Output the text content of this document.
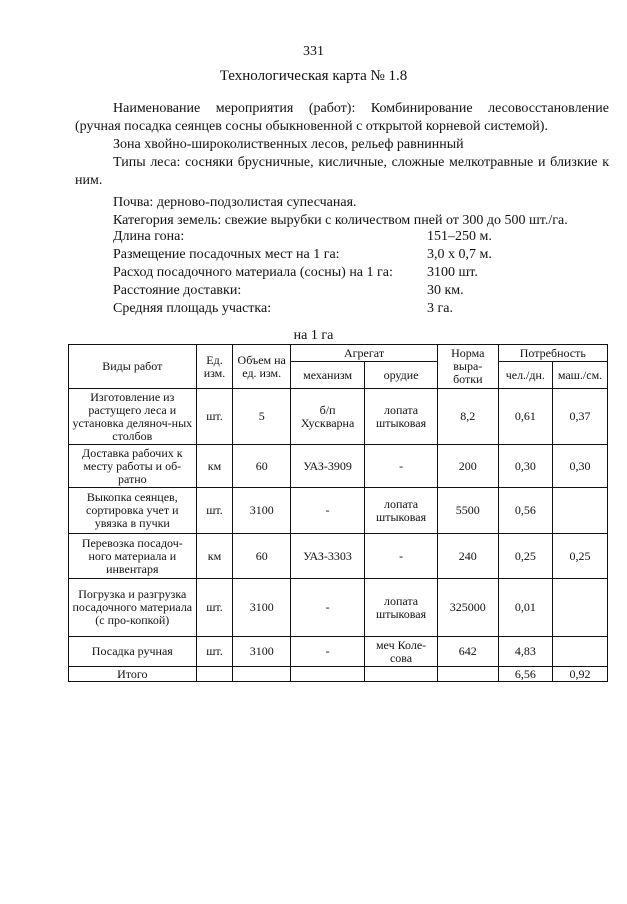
331
Технологическая карта № 1.8

Наименование мероприятия (работ): Комбинирование лесовосстановление (ручная посадка сеянцев сосны обыкновенной с открытой корневой системой).

Зона хвойно-широколиственных лесов, рельеф равнинный

Типы леса: сосняки брусничные, кисличные, сложные мелкотравные и близкие к ним.

Почва: дерново-подзолистая супесчаная.

Категория земель: свежие вырубки с количеством пней от 300 до 500 шт./га.

Длина гона:	151–250 м.
Размещение посадочных мест на 1 га:	3,0 х 0,7 м.
Расход посадочного материала (сосны) на 1 га:	3100 шт.
Расстояние доставки:	30 км.
Средняя площадь участка:	3 га.
на 1 га
Виды работ	Ед. изм.	Объем на ед. изм.	Агрегат		Норма выра-ботки	Потребность	
			механизм	орудие		чел./дн.	маш./см.
Изготовление из растущего леса и установка деляноч-ных столбов	шт.	5	б/п Хускварна	лопата штыковая	8,2	0,61	0,37
Доставка рабочих к месту работы и об-ратно	км	60	УАЗ-3909	-	200	0,30	0,30
Выкопка сеянцев, сортировка учет и увязка в пучки	шт.	3100	-	лопата штыковая	5500	0,56	
Перевозка посадоч-ного материала и инвентаря	км	60	УАЗ-3303	-	240	0,25	0,25
Погрузка и разгрузка посадочного материала (с про-копкой)	шт.	3100	-	лопата штыковая	325000	0,01	
Посадка ручная	шт.	3100	-	меч Коле-сова	642	4,83	
Итого						6,56	0,92
